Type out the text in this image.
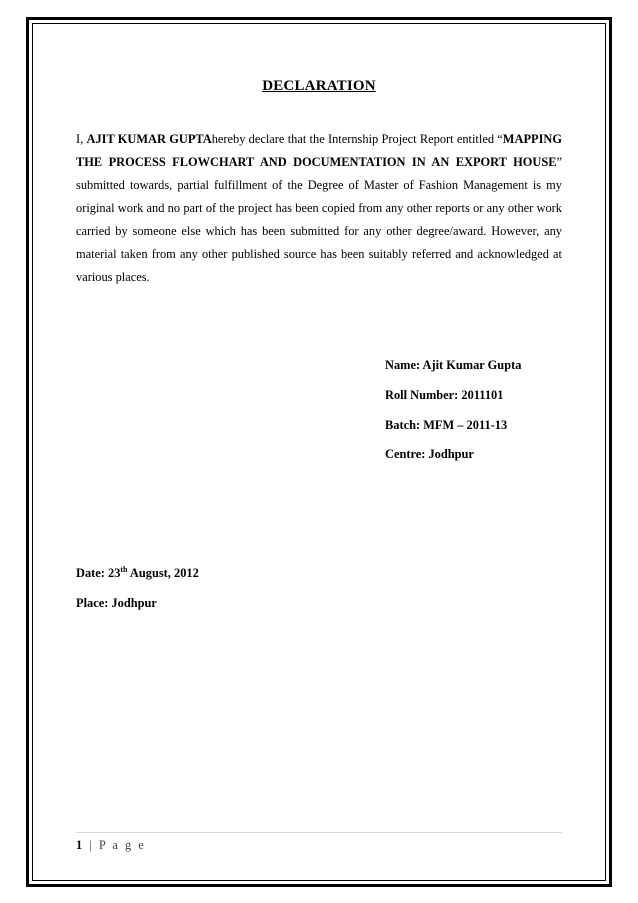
DECLARATION
I, AJIT KUMAR GUPTAhereby declare that the Internship Project Report entitled “MAPPING THE PROCESS FLOWCHART AND DOCUMENTATION IN AN EXPORT HOUSE” submitted towards, partial fulfillment of the Degree of Master of Fashion Management is my original work and no part of the project has been copied from any other reports or any other work carried by someone else which has been submitted for any other degree/award. However, any material taken from any other published source has been suitably referred and acknowledged at various places.
Name: Ajit Kumar Gupta
Roll Number: 2011101
Batch: MFM – 2011-13
Centre: Jodhpur
Date: 23th August, 2012
Place: Jodhpur
1 | P a g e
